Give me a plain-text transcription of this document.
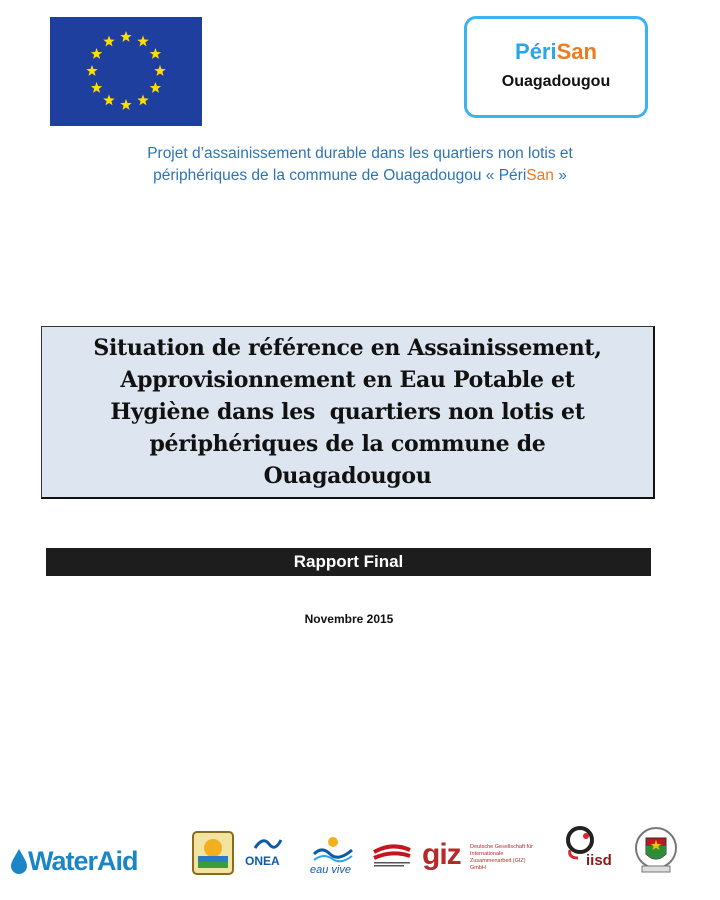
PériSan
Ouagadougou
Projet d’assainissement durable dans les quartiers non lotis et
périphériques de la commune de Ouagadougou « PériSan »
Situation de référence en Assainissement,
Approvisionnement en Eau Potable et
Hygiène dans les  quartiers non lotis et
périphériques de la commune de
Ouagadougou
Rapport Final
Novembre 2015
WaterAid	ONEA
eau vive giz Deutsche Gesellschaft für Internationale Zusammenarbeit (GIZ) GmbH	iisd
